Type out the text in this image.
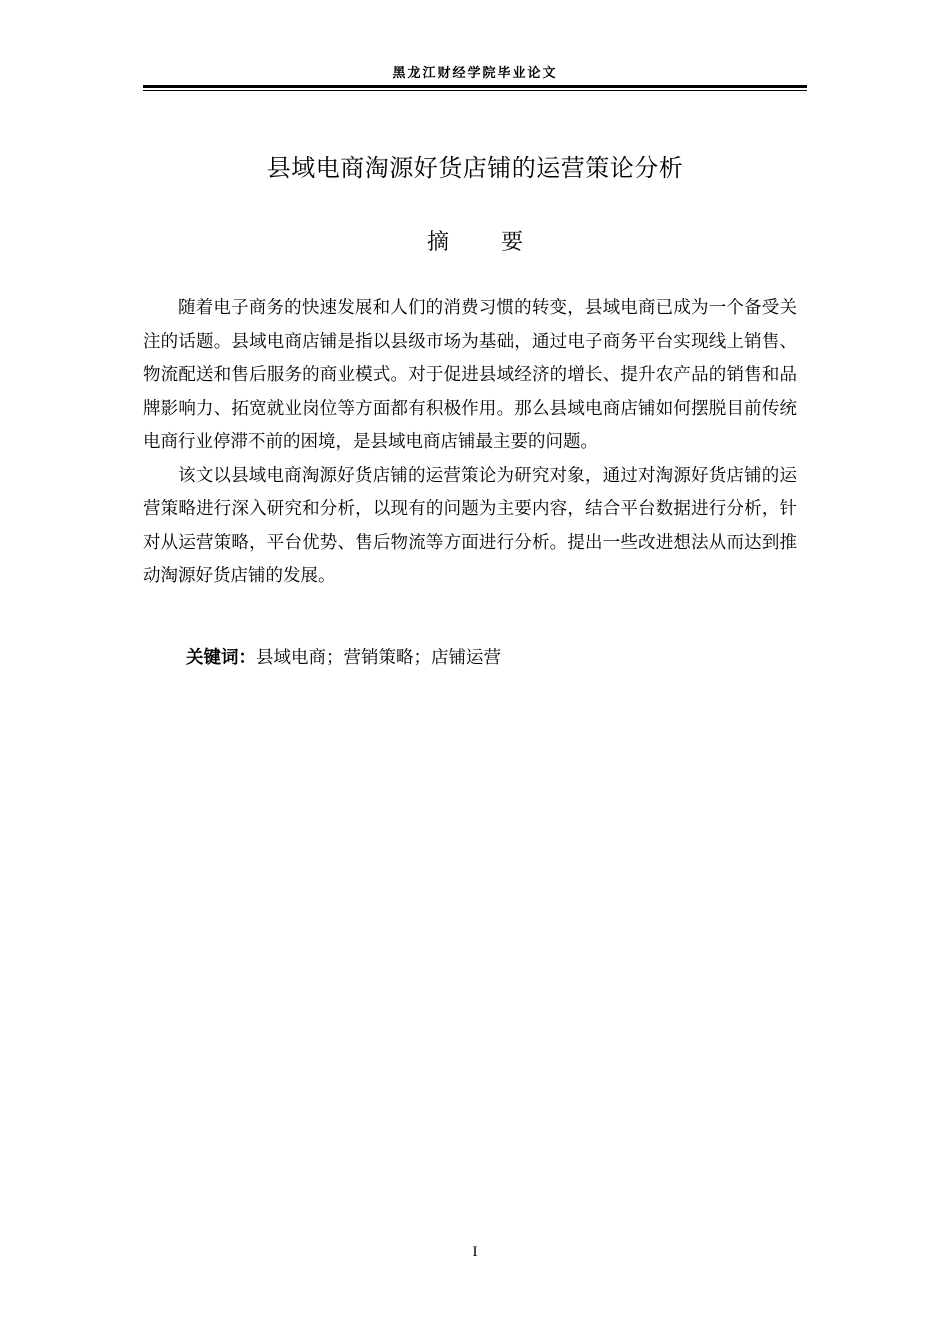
黑龙江财经学院毕业论文
县域电商淘源好货店铺的运营策论分析
摘 要

随着电子商务的快速发展和人们的消费习惯的转变，县域电商已成为一个备受关注的话题。县域电商店铺是指以县级市场为基础，通过电子商务平台实现线上销售、物流配送和售后服务的商业模式。对于促进县域经济的增长、提升农产品的销售和品牌影响力、拓宽就业岗位等方面都有积极作用。那么县域电商店铺如何摆脱目前传统电商行业停滞不前的困境，是县域电商店铺最主要的问题。

该文以县域电商淘源好货店铺的运营策论为研究对象，通过对淘源好货店铺的运营策略进行深入研究和分析，以现有的问题为主要内容，结合平台数据进行分析，针对从运营策略，平台优势、售后物流等方面进行分析。提出一些改进想法从而达到推动淘源好货店铺的发展。

关键词：县域电商；营销策略；店铺运营
I
